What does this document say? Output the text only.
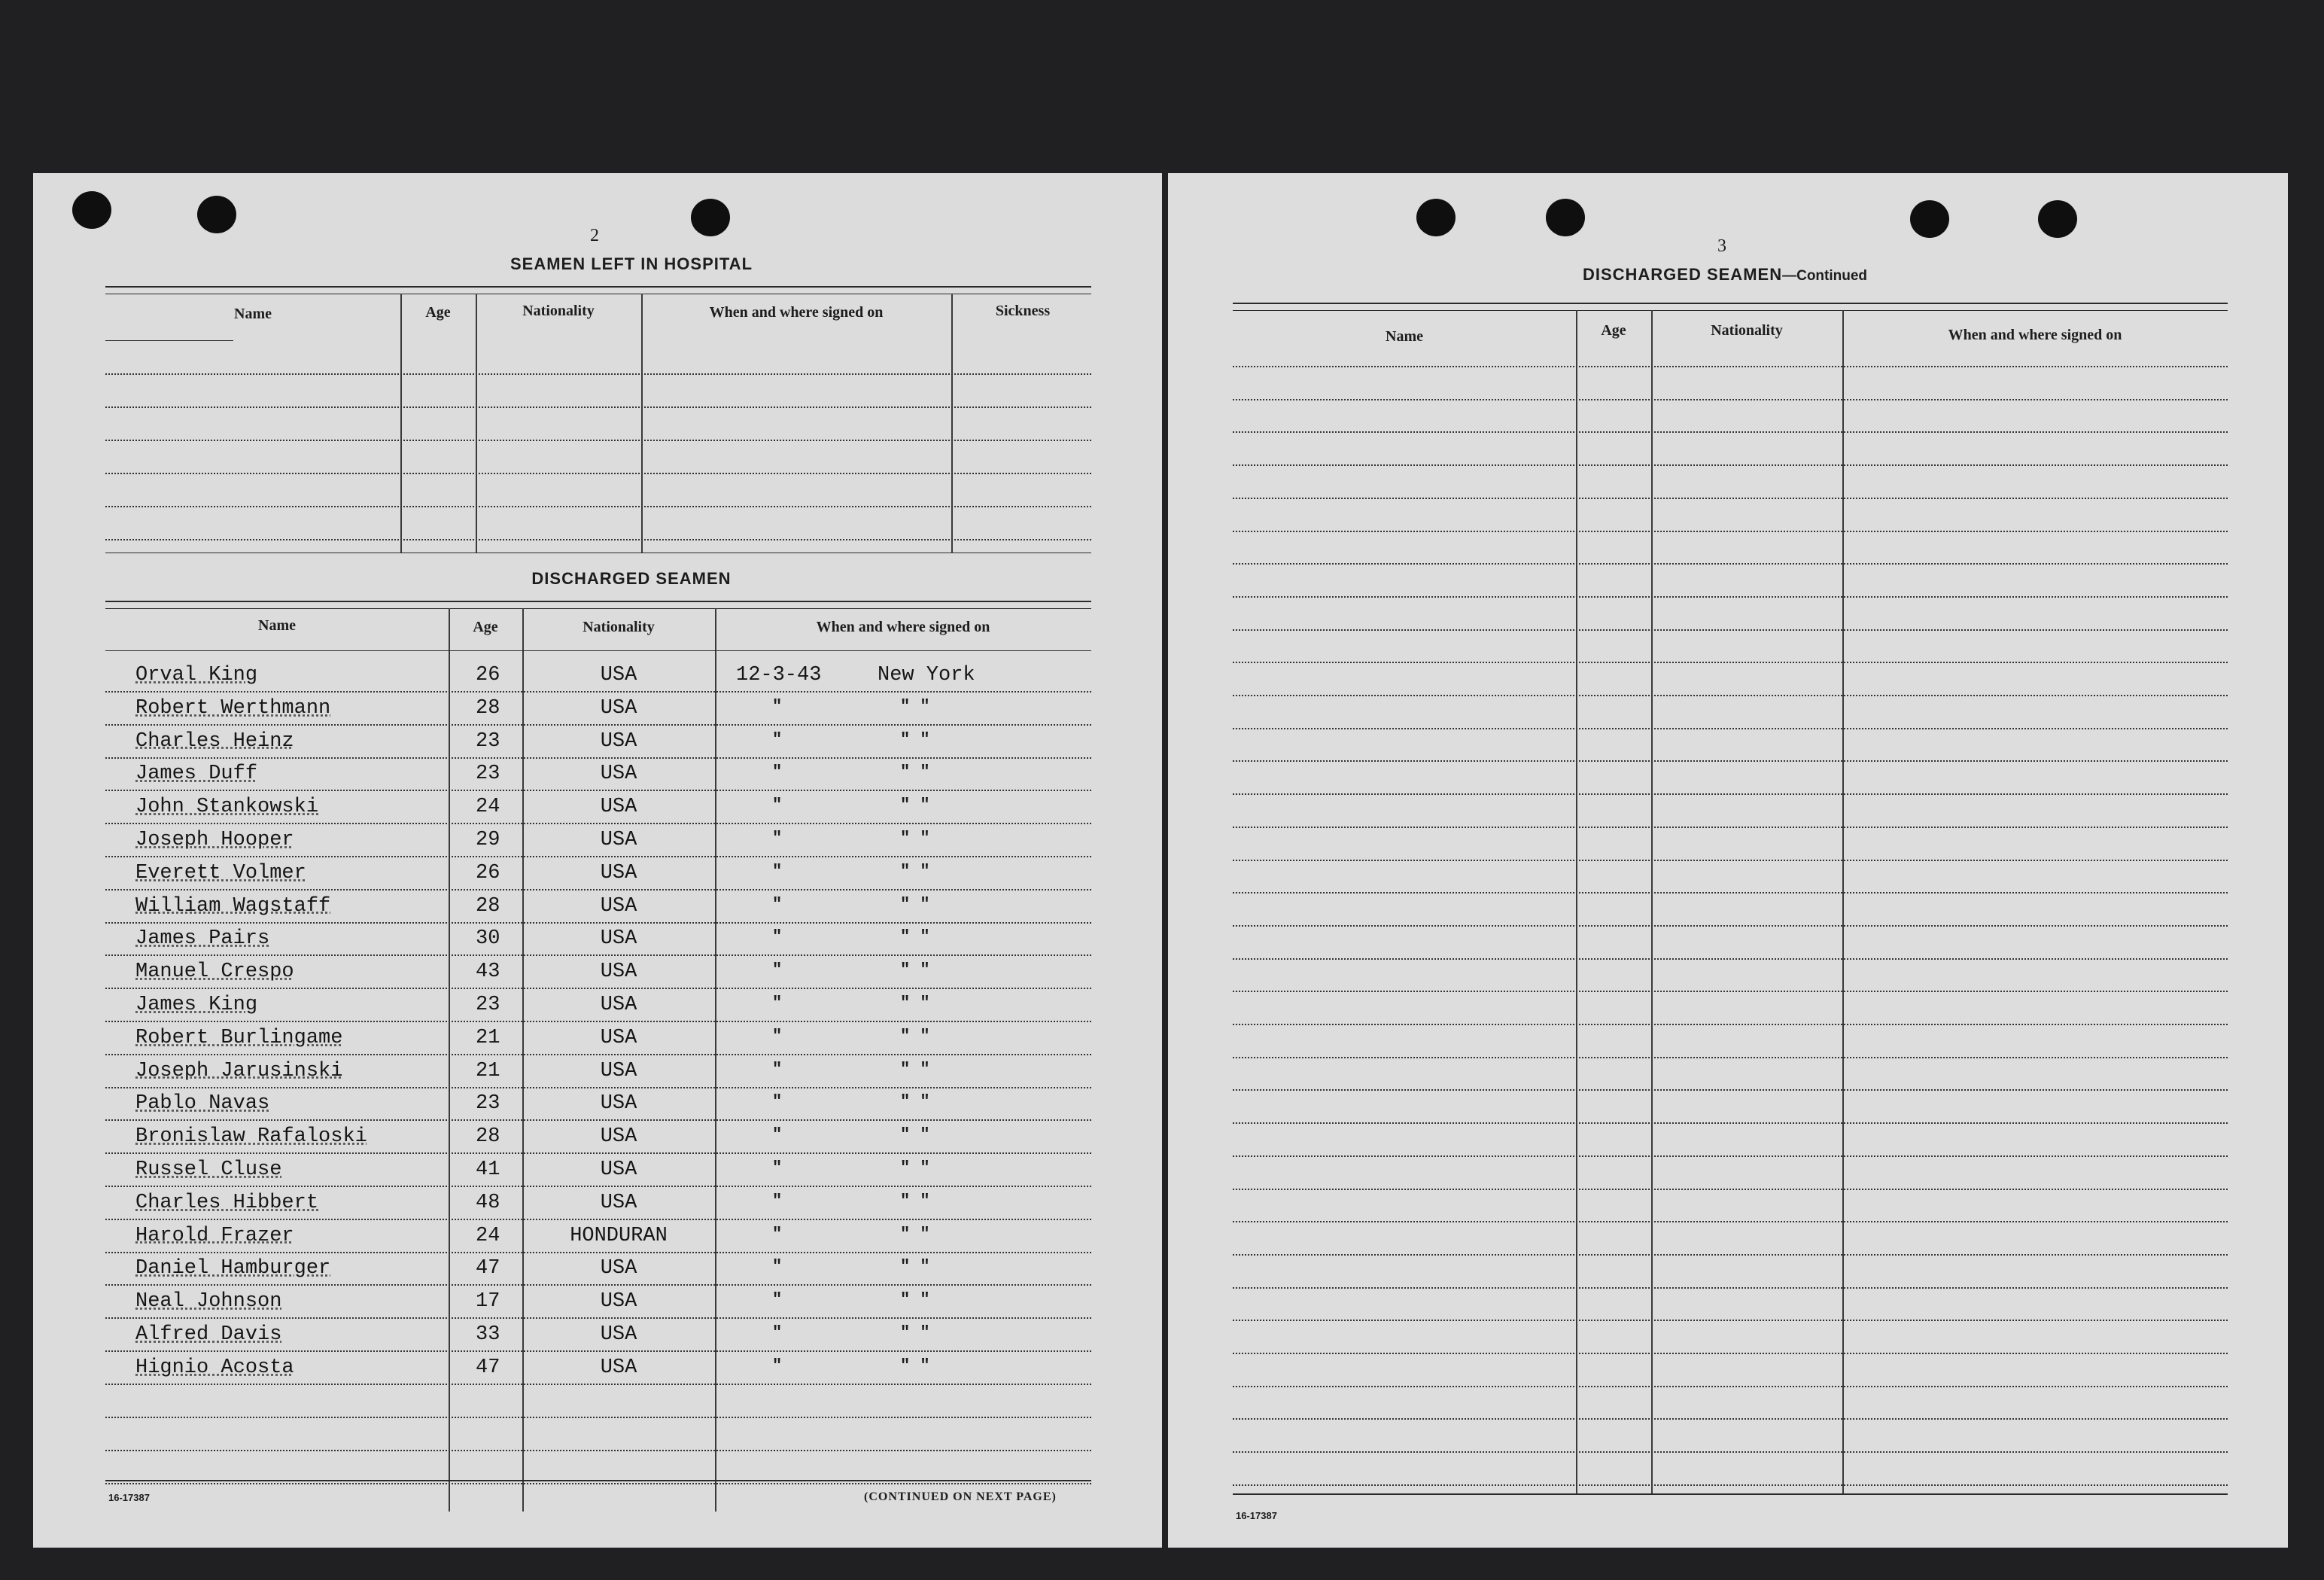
2
SEAMEN LEFT IN HOSPITAL
Name	Age	Nationality	When and where signed on	Sickness
DISCHARGED SEAMEN
Name	Age	Nationality	When and where signed on
Orval King	26	USA	12-3-43	New York
Robert Werthmann	28	USA	"	" "
Charles Heinz	23	USA	"	" "
James Duff	23	USA	"	" "
John Stankowski	24	USA	"	" "
Joseph Hooper	29	USA	"	" "
Everett Volmer	26	USA	"	" "
William Wagstaff	28	USA	"	" "
James Pairs	30	USA	"	" "
Manuel Crespo	43	USA	"	" "
James King	23	USA	"	" "
Robert Burlingame	21	USA	"	" "
Joseph Jarusinski	21	USA	"	" "
Pablo Navas	23	USA	"	" "
Bronislaw Rafaloski	28	USA	"	" "
Russel Cluse	41	USA	"	" "
Charles Hibbert	48	USA	"	" "
Harold Frazer	24	HONDURAN	"	" "
Daniel Hamburger	47	USA	"	" "
Neal Johnson	17	USA	"	" "
Alfred Davis	33	USA	"	" "
Hignio Acosta	47	USA	"	" "
16-17387	(CONTINUED ON NEXT PAGE)
3
DISCHARGED SEAMEN—Continued
Name	Age	Nationality	When and where signed on
16-17387
